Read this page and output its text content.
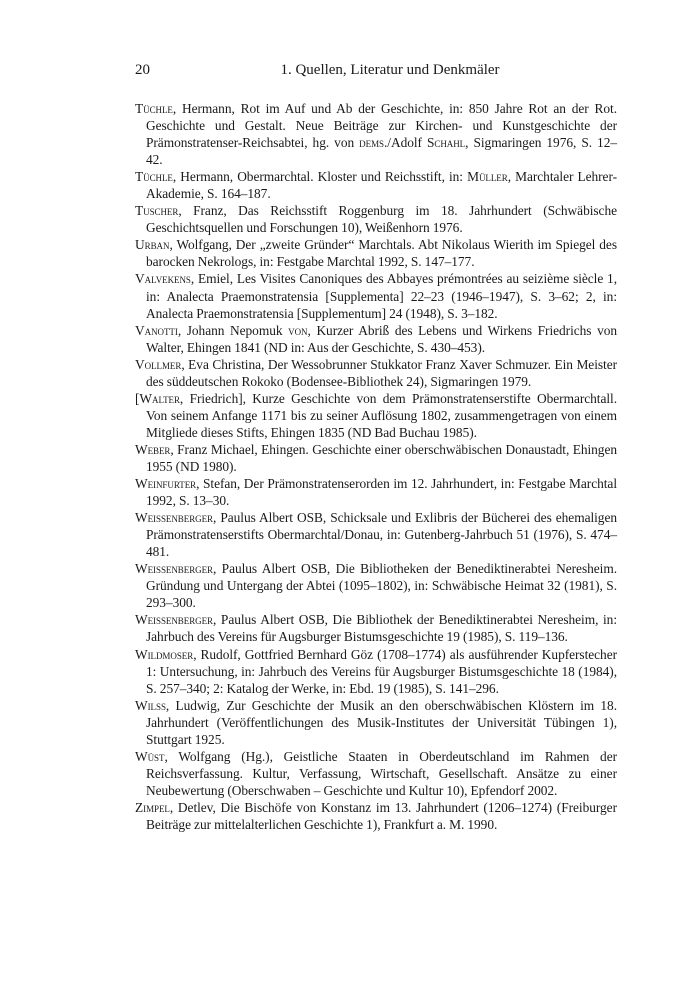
20	1. Quellen, Literatur und Denkmäler

Tüchle, Hermann, Rot im Auf und Ab der Geschichte, in: 850 Jahre Rot an der Rot. Geschichte und Gestalt. Neue Beiträge zur Kirchen- und Kunstgeschichte der Prämonstratenser-Reichsabtei, hg. von dems./Adolf Schahl, Sigmaringen 1976, S. 12–42.

Tüchle, Hermann, Obermarchtal. Kloster und Reichsstift, in: Müller, Marchtaler Lehrer-Akademie, S. 164–187.

Tuscher, Franz, Das Reichsstift Roggenburg im 18. Jahrhundert (Schwäbische Geschichtsquellen und Forschungen 10), Weißenhorn 1976.

Urban, Wolfgang, Der „zweite Gründer“ Marchtals. Abt Nikolaus Wierith im Spiegel des barocken Nekrologs, in: Festgabe Marchtal 1992, S. 147–177.

Valvekens, Emiel, Les Visites Canoniques des Abbayes prémontrées au seizième siècle 1, in: Analecta Praemonstratensia [Supplementa] 22–23 (1946–1947), S. 3–62; 2, in: Analecta Praemonstratensia [Supplementum] 24 (1948), S. 3–182.

Vanotti, Johann Nepomuk von, Kurzer Abriß des Lebens und Wirkens Friedrichs von Walter, Ehingen 1841 (ND in: Aus der Geschichte, S. 430–453).

Vollmer, Eva Christina, Der Wessobrunner Stukkator Franz Xaver Schmuzer. Ein Meister des süddeutschen Rokoko (Bodensee-Bibliothek 24), Sigmaringen 1979.

[Walter, Friedrich], Kurze Geschichte von dem Prämonstratenserstifte Obermarchtall. Von seinem Anfange 1171 bis zu seiner Auflösung 1802, zusammengetragen von einem Mitgliede dieses Stifts, Ehingen 1835 (ND Bad Buchau 1985).

Weber, Franz Michael, Ehingen. Geschichte einer oberschwäbischen Donaustadt, Ehingen 1955 (ND 1980).

Weinfurter, Stefan, Der Prämonstratenserorden im 12. Jahrhundert, in: Festgabe Marchtal 1992, S. 13–30.

Weissenberger, Paulus Albert OSB, Schicksale und Exlibris der Bücherei des ehemaligen Prämonstratenserstifts Obermarchtal/Donau, in: Gutenberg-Jahrbuch 51 (1976), S. 474–481.

Weissenberger, Paulus Albert OSB, Die Bibliotheken der Benediktinerabtei Neresheim. Gründung und Untergang der Abtei (1095–1802), in: Schwäbische Heimat 32 (1981), S. 293–300.

Weissenberger, Paulus Albert OSB, Die Bibliothek der Benediktinerabtei Neresheim, in: Jahrbuch des Vereins für Augsburger Bistumsgeschichte 19 (1985), S. 119–136.

Wildmoser, Rudolf, Gottfried Bernhard Göz (1708–1774) als ausführender Kupferstecher 1: Untersuchung, in: Jahrbuch des Vereins für Augsburger Bistumsgeschichte 18 (1984), S. 257–340; 2: Katalog der Werke, in: Ebd. 19 (1985), S. 141–296.

Wilss, Ludwig, Zur Geschichte der Musik an den oberschwäbischen Klöstern im 18. Jahrhundert (Veröffentlichungen des Musik-Institutes der Universität Tübingen 1), Stuttgart 1925.

Wüst, Wolfgang (Hg.), Geistliche Staaten in Oberdeutschland im Rahmen der Reichsverfassung. Kultur, Verfassung, Wirtschaft, Gesellschaft. Ansätze zu einer Neubewertung (Oberschwaben – Geschichte und Kultur 10), Epfendorf 2002.

Zimpel, Detlev, Die Bischöfe von Konstanz im 13. Jahrhundert (1206–1274) (Freiburger Beiträge zur mittelalterlichen Geschichte 1), Frankfurt a. M. 1990.
